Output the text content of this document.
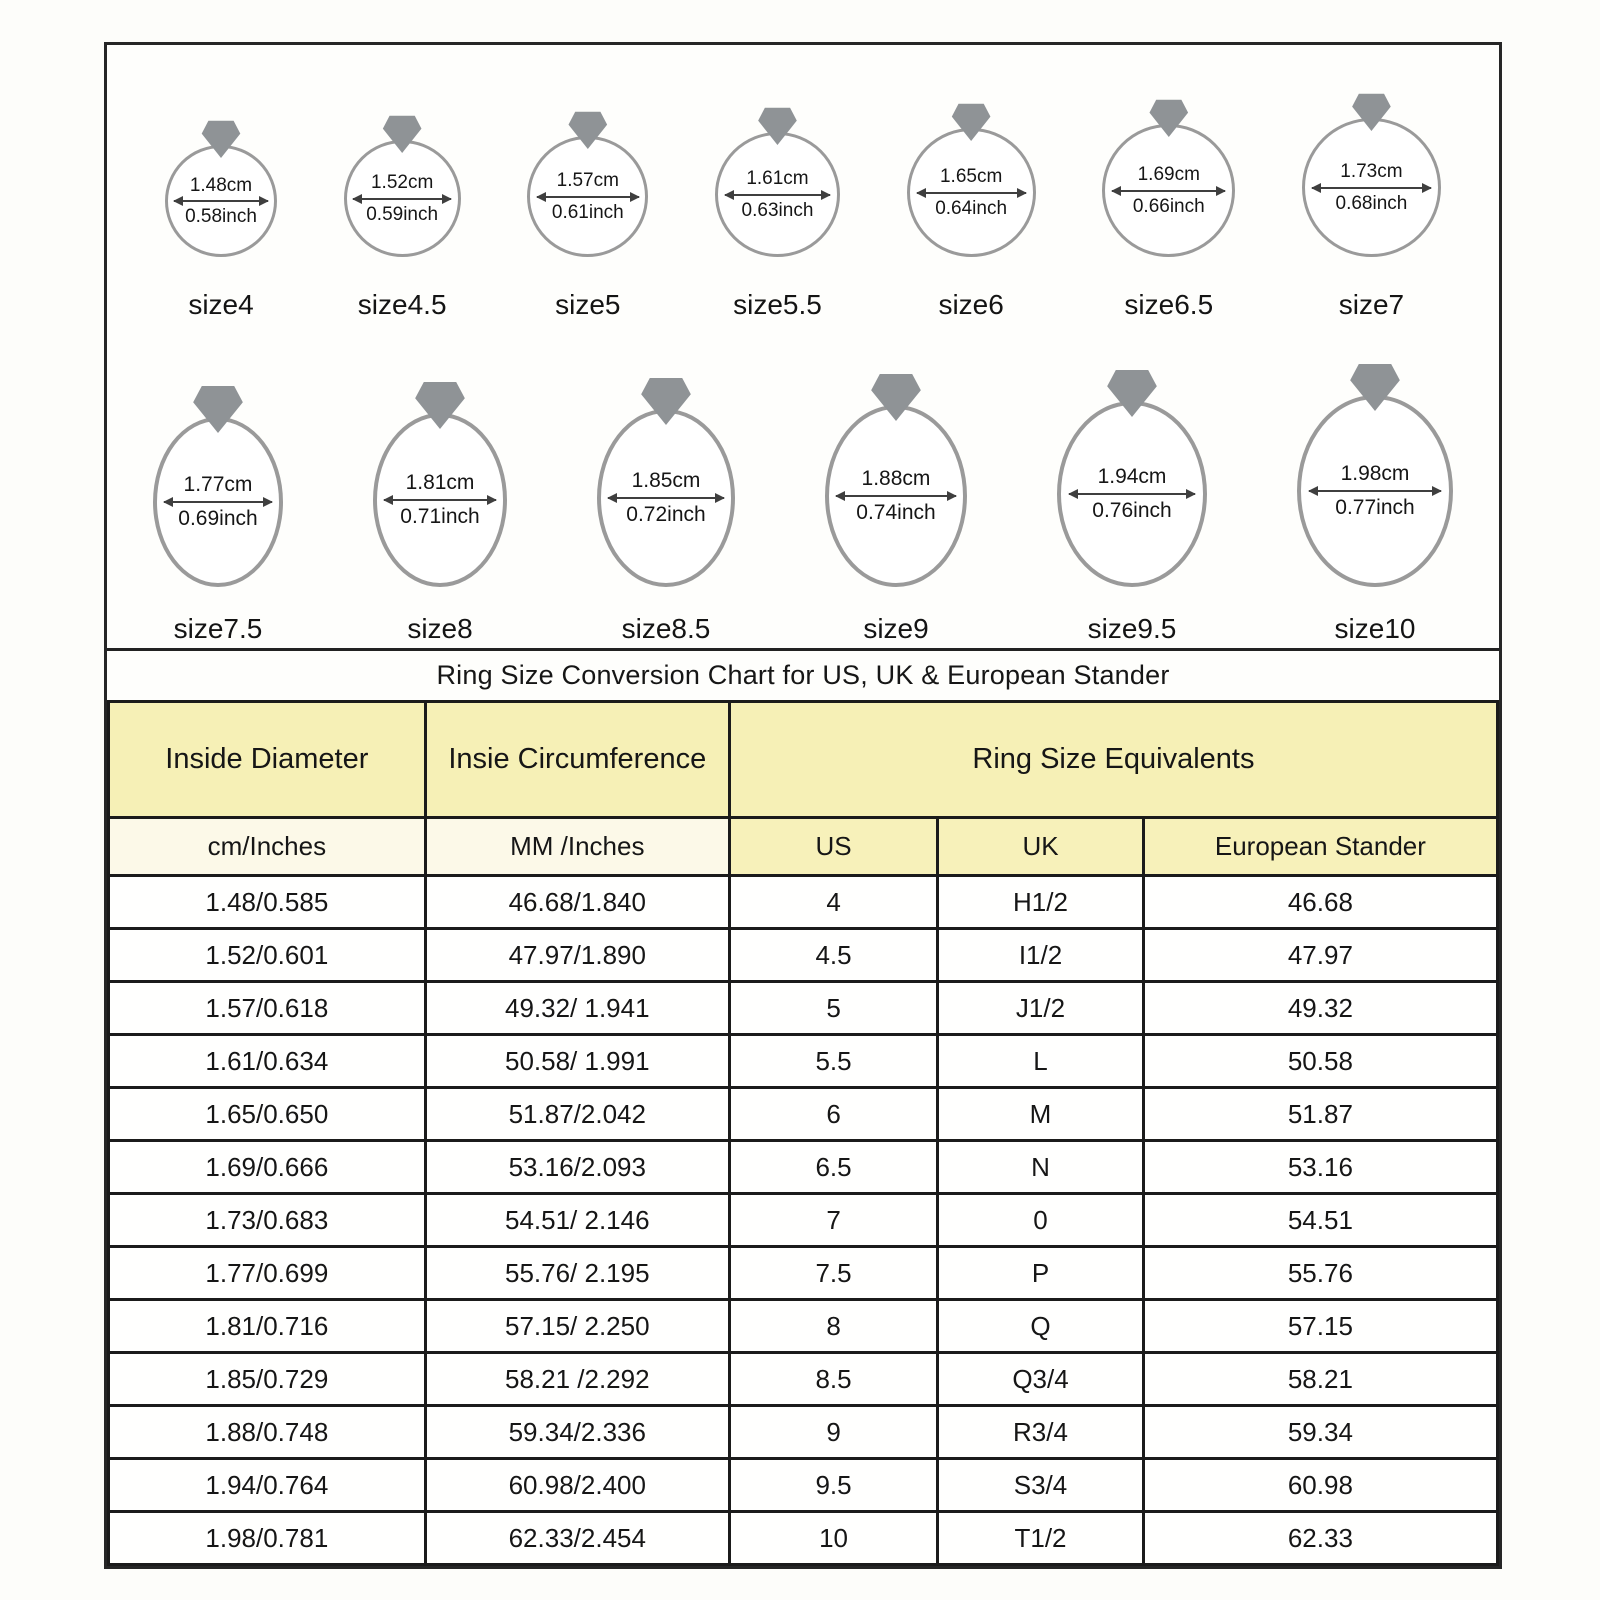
1.48cm
0.58inch
size4
1.52cm
0.59inch
size4.5
1.57cm
0.61inch
size5
1.61cm
0.63inch
size5.5
1.65cm
0.64inch
size6
1.69cm
0.66inch
size6.5
1.73cm
0.68inch
size7
1.77cm
0.69inch
size7.5
1.81cm
0.71inch
size8
1.85cm
0.72inch
size8.5
1.88cm
0.74inch
size9
1.94cm
0.76inch
size9.5
1.98cm
0.77inch
size10
Ring Size Conversion Chart for US, UK & European Stander
Inside Diameter	Insie Circumference	Ring Size Equivalents		
cm/Inches	MM /Inches	US	UK	European Stander
1.48/0.585	46.68/1.840	4	H1/2	46.68
1.52/0.601	47.97/1.890	4.5	I1/2	47.97
1.57/0.618	49.32/ 1.941	5	J1/2	49.32
1.61/0.634	50.58/ 1.991	5.5	L	50.58
1.65/0.650	51.87/2.042	6	M	51.87
1.69/0.666	53.16/2.093	6.5	N	53.16
1.73/0.683	54.51/ 2.146	7	0	54.51
1.77/0.699	55.76/ 2.195	7.5	P	55.76
1.81/0.716	57.15/ 2.250	8	Q	57.15
1.85/0.729	58.21 /2.292	8.5	Q3/4	58.21
1.88/0.748	59.34/2.336	9	R3/4	59.34
1.94/0.764	60.98/2.400	9.5	S3/4	60.98
1.98/0.781	62.33/2.454	10	T1/2	62.33
